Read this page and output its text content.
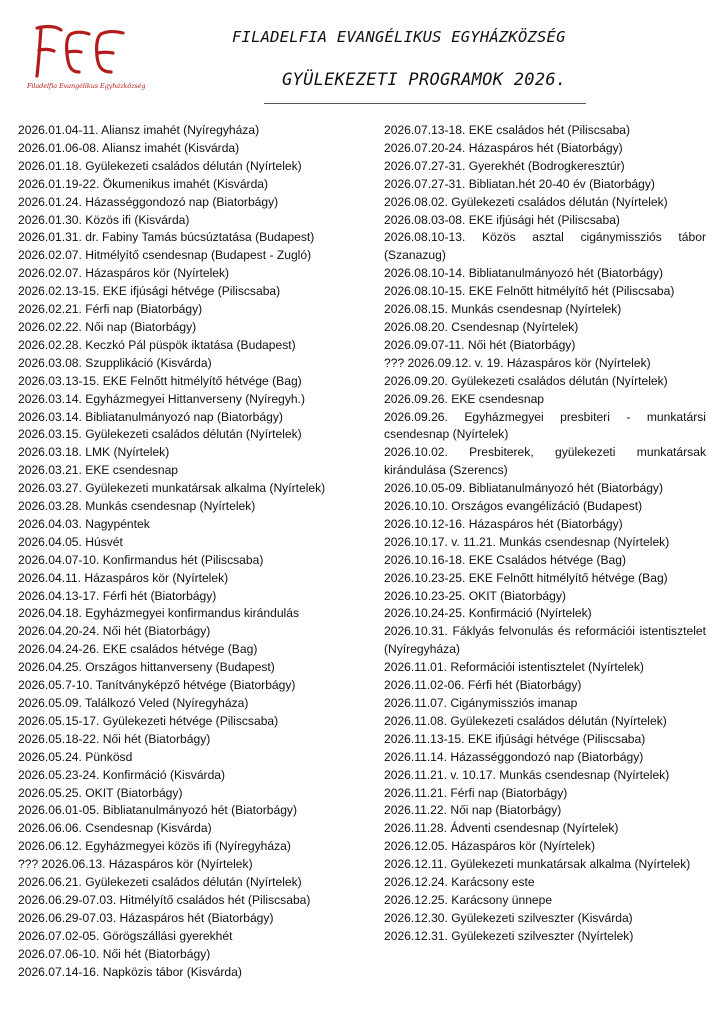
Filadelfia Evangélikus Egyházközség
FILADELFIA EVANGÉLIKUS EGYHÁZKÖZSÉG
GYÜLEKEZETI PROGRAMOK 2026.
2026.01.04-11. Aliansz imahét (Nyíregyháza)
2026.01.06-08. Aliansz imahét (Kisvárda)
2026.01.18. Gyülekezeti családos délután (Nyírtelek)
2026.01.19-22. Ökumenikus imahét (Kisvárda)
2026.01.24. Házasséggondozó nap (Biatorbágy)
2026.01.30. Közös ifi (Kisvárda)
2026.01.31. dr. Fabiny Tamás búcsúztatása (Budapest)
2026.02.07. Hitmélyítő csendesnap (Budapest - Zugló)
2026.02.07. Házaspáros kör (Nyírtelek)
2026.02.13-15. EKE ifjúsági hétvége (Piliscsaba)
2026.02.21. Férfi nap (Biatorbágy)
2026.02.22. Női nap (Biatorbágy)
2026.02.28. Keczkó Pál püspök iktatása (Budapest)
2026.03.08. Szupplikáció (Kisvárda)
2026.03.13-15. EKE Felnőtt hitmélyítő hétvége (Bag)
2026.03.14. Egyházmegyei Hittanverseny (Nyíregyh.)
2026.03.14. Bibliatanulmányozó nap (Biatorbágy)
2026.03.15. Gyülekezeti családos délután (Nyírtelek)
2026.03.18. LMK (Nyírtelek)
2026.03.21. EKE csendesnap
2026.03.27. Gyülekezeti munkatársak alkalma (Nyírtelek)
2026.03.28. Munkás csendesnap (Nyírtelek)
2026.04.03. Nagypéntek
2026.04.05. Húsvét
2026.04.07-10. Konfirmandus hét (Piliscsaba)
2026.04.11. Házaspáros kör (Nyírtelek)
2026.04.13-17. Férfi hét (Biatorbágy)
2026.04.18. Egyházmegyei konfirmandus kirándulás
2026.04.20-24. Női hét (Biatorbágy)
2026.04.24-26. EKE családos hétvége (Bag)
2026.04.25. Országos hittanverseny (Budapest)
2026.05.7-10. Tanítványképző hétvége (Biatorbágy)
2026.05.09. Találkozó Veled (Nyíregyháza)
2026.05.15-17. Gyülekezeti hétvége (Piliscsaba)
2026.05.18-22. Női hét (Biatorbágy)
2026.05.24. Pünkösd
2026.05.23-24. Konfirmáció (Kisvárda)
2026.05.25. OKIT (Biatorbágy)
2026.06.01-05. Bibliatanulmányozó hét (Biatorbágy)
2026.06.06. Csendesnap (Kisvárda)
2026.06.12. Egyházmegyei közös ifi (Nyíregyháza)
??? 2026.06.13. Házaspáros kör (Nyírtelek)
2026.06.21. Gyülekezeti családos délután (Nyírtelek)
2026.06.29-07.03. Hitmélyítő családos hét (Piliscsaba)
2026.06.29-07.03. Házaspáros hét (Biatorbágy)
2026.07.02-05. Görögszállási gyerekhét
2026.07.06-10. Női hét (Biatorbágy)
2026.07.14-16. Napközis tábor (Kisvárda)
2026.07.13-18. EKE családos hét (Piliscsaba)
2026.07.20-24. Házaspáros hét (Biatorbágy)
2026.07.27-31. Gyerekhét (Bodrogkeresztúr)
2026.07.27-31. Bibliatan.hét 20-40 év (Biatorbágy)
2026.08.02. Gyülekezeti családos délután (Nyírtelek)
2026.08.03-08. EKE ifjúsági hét (Piliscsaba)
2026.08.10-13. Közös asztal cigánymissziós tábor (Szanazug)
2026.08.10-14. Bibliatanulmányozó hét (Biatorbágy)
2026.08.10-15. EKE Felnőtt hitmélyítő hét (Piliscsaba)
2026.08.15. Munkás csendesnap (Nyírtelek)
2026.08.20. Csendesnap (Nyírtelek)
2026.09.07-11. Női hét (Biatorbágy)
??? 2026.09.12. v. 19. Házaspáros kör (Nyírtelek)
2026.09.20. Gyülekezeti családos délután (Nyírtelek)
2026.09.26. EKE csendesnap
2026.09.26. Egyházmegyei presbiteri - munkatársi csendesnap (Nyírtelek)
2026.10.02. Presbiterek, gyülekezeti munkatársak kirándulása (Szerencs)
2026.10.05-09. Bibliatanulmányozó hét (Biatorbágy)
2026.10.10. Országos evangélizáció (Budapest)
2026.10.12-16. Házaspáros hét (Biatorbágy)
2026.10.17. v. 11.21. Munkás csendesnap (Nyírtelek)
2026.10.16-18. EKE Családos hétvége (Bag)
2026.10.23-25. EKE Felnőtt hitmélyítő hétvége (Bag)
2026.10.23-25. OKIT (Biatorbágy)
2026.10.24-25. Konfirmáció (Nyírtelek)
2026.10.31. Fáklyás felvonulás és reformációi istentisztelet (Nyíregyháza)
2026.11.01. Reformációi istentisztelet (Nyírtelek)
2026.11.02-06. Férfi hét (Biatorbágy)
2026.11.07. Cigánymissziós imanap
2026.11.08. Gyülekezeti családos délután (Nyírtelek)
2026.11.13-15. EKE ifjúsági hétvége (Piliscsaba)
2026.11.14. Házasséggondozó nap (Biatorbágy)
2026.11.21. v. 10.17. Munkás csendesnap (Nyírtelek)
2026.11.21. Férfi nap (Biatorbágy)
2026.11.22. Női nap (Biatorbágy)
2026.11.28. Ádventi csendesnap (Nyírtelek)
2026.12.05. Házaspáros kör (Nyírtelek)
2026.12.11. Gyülekezeti munkatársak alkalma (Nyírtelek)
2026.12.24. Karácsony este
2026.12.25. Karácsony ünnepe
2026.12.30. Gyülekezeti szilveszter (Kisvárda)
2026.12.31. Gyülekezeti szilveszter (Nyírtelek)
